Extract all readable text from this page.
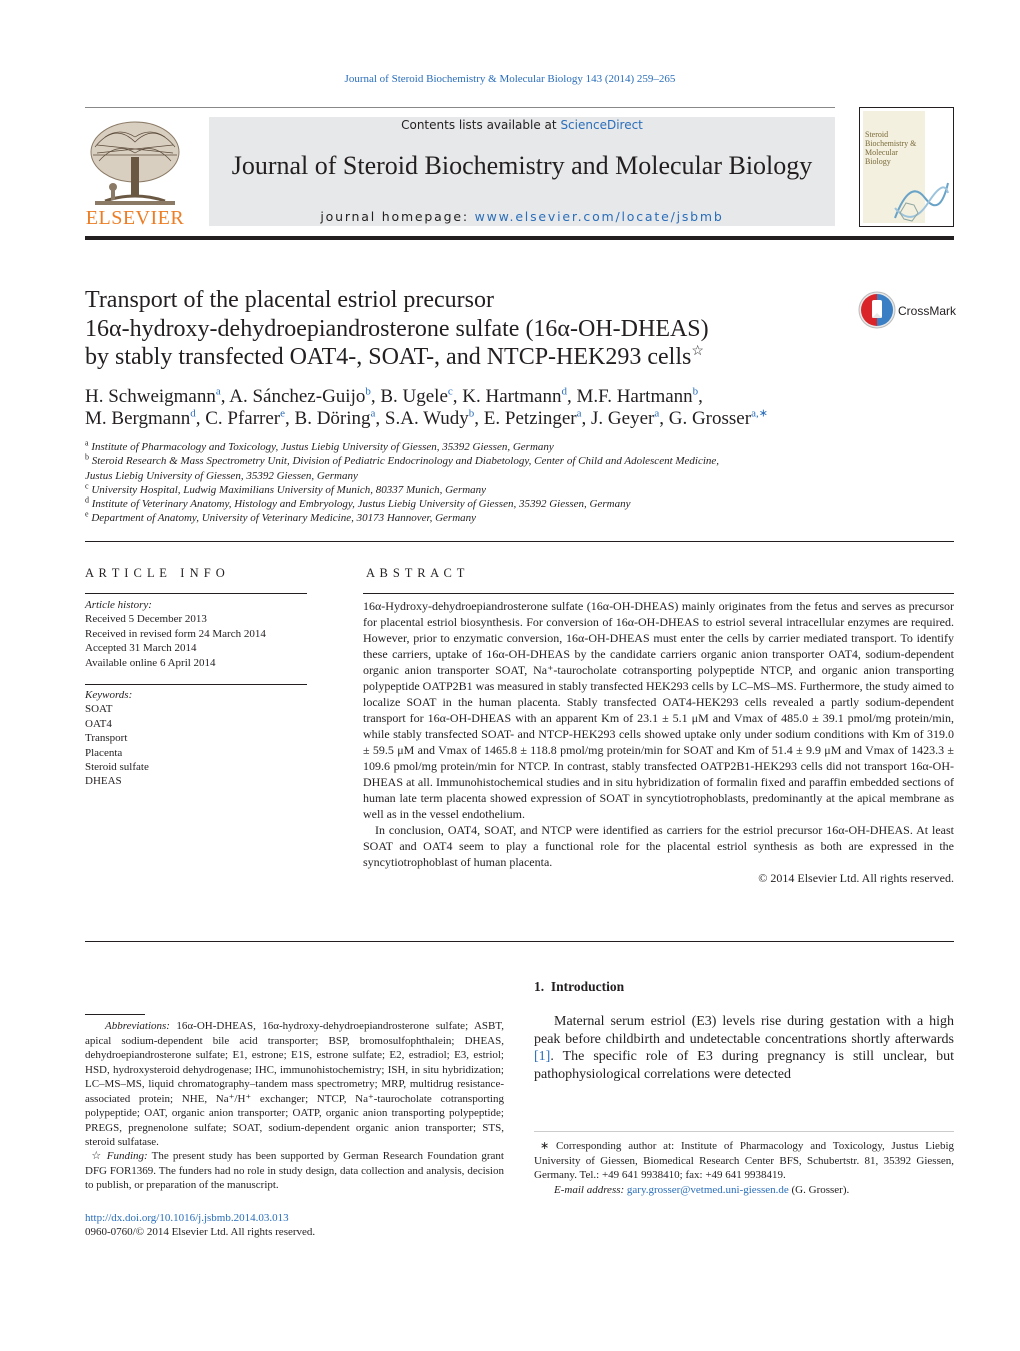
Journal of Steroid Biochemistry & Molecular Biology 143 (2014) 259–265
ELSEVIER
Contents lists available at ScienceDirect
Journal of Steroid Biochemistry and Molecular Biology
journal homepage: www.elsevier.com/locate/jsbmb
Steroid
Biochemistry &
Molecular
Biology
Transport of the placental estriol precursor
16α-hydroxy-dehydroepiandrosterone sulfate (16α-OH-DHEAS)
by stably transfected OAT4-, SOAT-, and NTCP-HEK293 cells☆
CrossMark
H. Schweigmann$^a$, A. Sánchez-Guijo$^b$, B. Ugele$^c$, K. Hartmann$^d$, M.F. Hartmann$^b$,
M. Bergmann$^d$, C. Pfarrer$^e$, B. Döring$^a$, S.A. Wudy$^b$, E. Petzinger$^a$, J. Geyer$^a$, G. Grosser$^{a,∗}$
$^a$ Institute of Pharmacology and Toxicology, Justus Liebig University of Giessen, 35392 Giessen, Germany
$^b$ Steroid Research & Mass Spectrometry Unit, Division of Pediatric Endocrinology and Diabetology, Center of Child and Adolescent Medicine,
Justus Liebig University of Giessen, 35392 Giessen, Germany
$^c$ University Hospital, Ludwig Maximilians University of Munich, 80337 Munich, Germany
$^d$ Institute of Veterinary Anatomy, Histology and Embryology, Justus Liebig University of Giessen, 35392 Giessen, Germany
$^e$ Department of Anatomy, University of Veterinary Medicine, 30173 Hannover, Germany
A R T I C L E   I N F O
Article history:
Received 5 December 2013
Received in revised form 24 March 2014
Accepted 31 March 2014
Available online 6 April 2014
Keywords:
SOAT
OAT4
Transport
Placenta
Steroid sulfate
DHEAS
A B S T R A C T
16α-Hydroxy-dehydroepiandrosterone sulfate (16α-OH-DHEAS) mainly originates from the fetus and serves as precursor for placental estriol biosynthesis. For conversion of 16α-OH-DHEAS to estriol several intracellular enzymes are required. However, prior to enzymatic conversion, 16α-OH-DHEAS must enter the cells by carrier mediated transport. To identify these carriers, uptake of 16α-OH-DHEAS by the candidate carriers organic anion transporter OAT4, sodium-dependent organic anion transporter SOAT, Na⁺-taurocholate cotransporting polypeptide NTCP, and organic anion transporting polypeptide OATP2B1 was measured in stably transfected HEK293 cells by LC–MS–MS. Furthermore, the study aimed to localize SOAT in the human placenta. Stably transfected OAT4-HEK293 cells revealed a partly sodium-dependent transport for 16α-OH-DHEAS with an apparent Km of 23.1 ± 5.1 μM and Vmax of 485.0 ± 39.1 pmol/mg protein/min, while stably transfected SOAT- and NTCP-HEK293 cells showed uptake only under sodium conditions with Km of 319.0 ± 59.5 μM and Vmax of 1465.8 ± 118.8 pmol/mg protein/min for SOAT and Km of 51.4 ± 9.9 μM and Vmax of 1423.3 ± 109.6 pmol/mg protein/min for NTCP. In contrast, stably transfected OATP2B1-HEK293 cells did not transport 16α-OH-DHEAS at all. Immunohistochemical studies and in situ hybridization of formalin fixed and paraffin embedded sections of human late term placenta showed expression of SOAT in syncytiotrophoblasts, predominantly at the apical membrane as well as in the vessel endothelium.
In conclusion, OAT4, SOAT, and NTCP were identified as carriers for the estriol precursor 16α-OH-DHEAS. At least SOAT and OAT4 seem to play a functional role for the placental estriol synthesis as both are expressed in the syncytiotrophoblast of human placenta.
© 2014 Elsevier Ltd. All rights reserved.
Abbreviations: 16α-OH-DHEAS, 16α-hydroxy-dehydroepiandrosterone sulfate; ASBT, apical sodium-dependent bile acid transporter; BSP, bromosulfophthalein; DHEAS, dehydroepiandrosterone sulfate; E1, estrone; E1S, estrone sulfate; E2, estradiol; E3, estriol; HSD, hydroxysteroid dehydrogenase; IHC, immunohistochemistry; ISH, in situ hybridization; LC–MS–MS, liquid chromatography–tandem mass spectrometry; MRP, multidrug resistance-associated protein; NHE, Na⁺/H⁺ exchanger; NTCP, Na⁺-taurocholate cotransporting polypeptide; OAT, organic anion transporter; OATP, organic anion transporting polypeptide; PREGS, pregnenolone sulfate; SOAT, sodium-dependent organic anion transporter; STS, steroid sulfatase.
☆ Funding: The present study has been supported by German Research Foundation grant DFG FOR1369. The funders had no role in study design, data collection and analysis, decision to publish, or preparation of the manuscript.
http://dx.doi.org/10.1016/j.jsbmb.2014.03.013
0960-0760/© 2014 Elsevier Ltd. All rights reserved.
1.  Introduction
Maternal serum estriol (E3) levels rise during gestation with a high peak before childbirth and undetectable concentrations shortly afterwards [1]. The specific role of E3 during pregnancy is still unclear, but pathophysiological correlations were detected
∗ Corresponding author at: Institute of Pharmacology and Toxicology, Justus Liebig University of Giessen, Biomedical Research Center BFS, Schubertstr. 81, 35392 Giessen, Germany. Tel.: +49 641 9938410; fax: +49 641 9938419.
E-mail address: gary.grosser@vetmed.uni-giessen.de (G. Grosser).
